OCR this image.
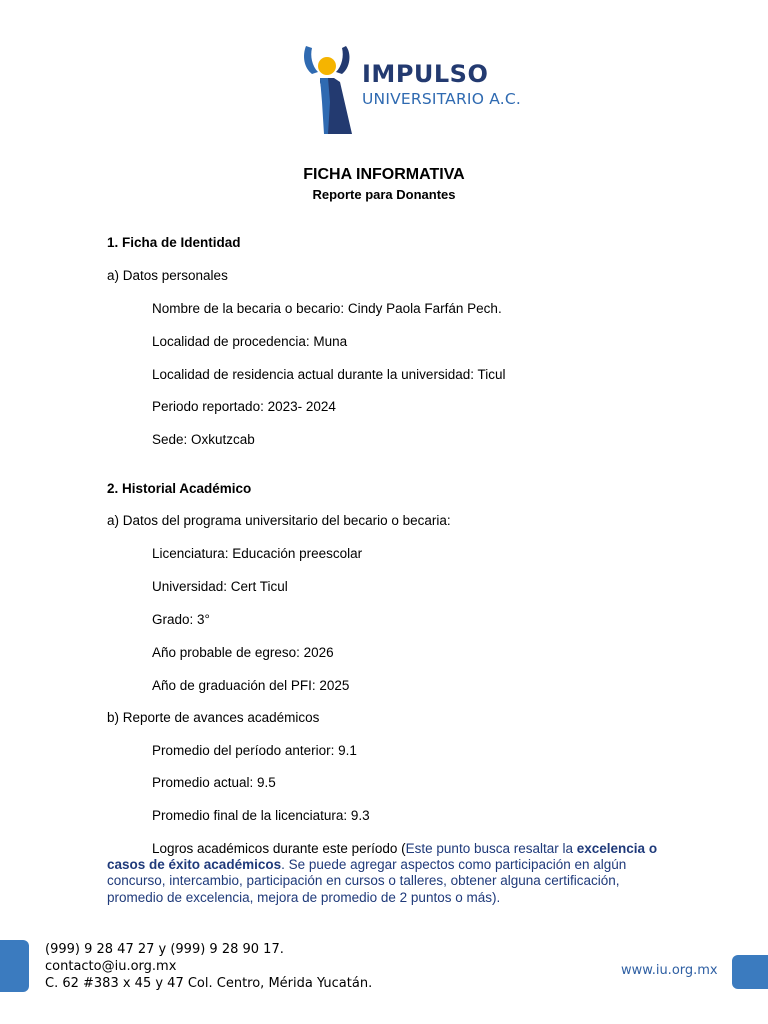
IMPULSO
UNIVERSITARIO A.C.
FICHA INFORMATIVA
Reporte para Donantes
1. Ficha de Identidad
a) Datos personales
Nombre de la becaria o becario: Cindy Paola Farfán Pech.
Localidad de procedencia: Muna
Localidad de residencia actual durante la universidad: Ticul
Periodo reportado: 2023- 2024
Sede: Oxkutzcab
2. Historial Académico
a) Datos del programa universitario del becario o becaria:
Licenciatura: Educación preescolar
Universidad: Cert Ticul
Grado: 3°
Año probable de egreso: 2026
Año de graduación del PFI: 2025
b) Reporte de avances académicos
Promedio del período anterior: 9.1
Promedio actual: 9.5
Promedio final de la licenciatura: 9.3
Logros académicos durante este período (Este punto busca resaltar la excelencia o casos de éxito académicos. Se puede agregar aspectos como participación en algún concurso, intercambio, participación en cursos o talleres, obtener alguna certificación, promedio de excelencia, mejora de promedio de 2 puntos o más).
(999) 9 28 47 27 y (999) 9 28 90 17.
contacto@iu.org.mx
C. 62 #383 x 45 y 47 Col. Centro, Mérida Yucatán.
www.iu.org.mx
